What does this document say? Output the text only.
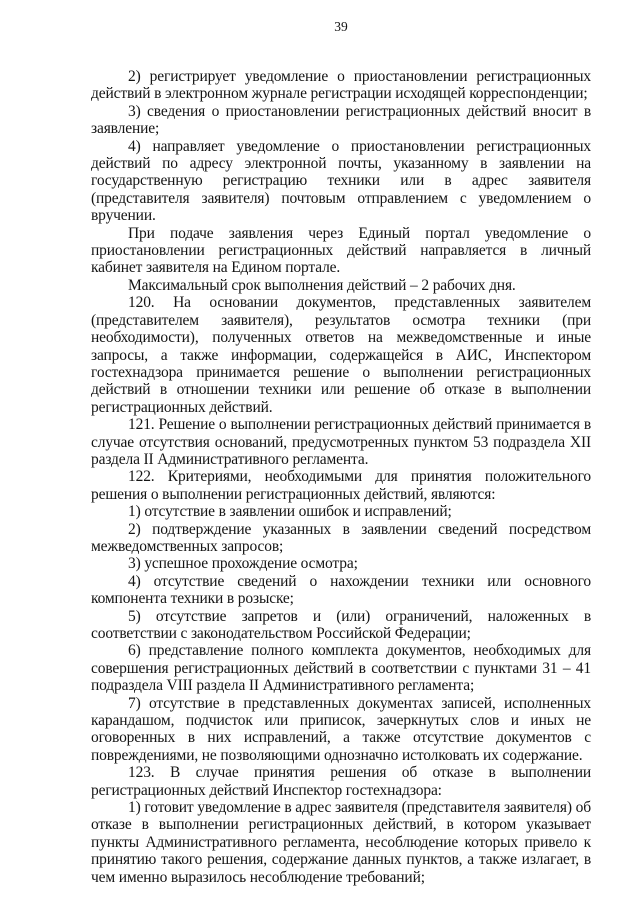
39

2) регистрирует уведомление о приостановлении регистрационных действий в электронном журнале регистрации исходящей корреспонденции;

3) сведения о приостановлении регистрационных действий вносит в заявление;

4) направляет уведомление о приостановлении регистрационных действий по адресу электронной почты, указанному в заявлении на государственную регистрацию техники или в адрес заявителя (представителя заявителя) почтовым отправлением с уведомлением о вручении.

При подаче заявления через Единый портал уведомление о приостановлении регистрационных действий направляется в личный кабинет заявителя на Едином портале.

Максимальный срок выполнения действий – 2 рабочих дня.

120. На основании документов, представленных заявителем (представителем заявителя), результатов осмотра техники (при необходимости), полученных ответов на межведомственные и иные запросы, а также информации, содержащейся в АИС, Инспектором гостехнадзора принимается решение о выполнении регистрационных действий в отношении техники или решение об отказе в выполнении регистрационных действий.

121. Решение о выполнении регистрационных действий принимается в случае отсутствия оснований, предусмотренных пунктом 53 подраздела XII раздела II Административного регламента.

122. Критериями, необходимыми для принятия положительного решения о выполнении регистрационных действий, являются:

1) отсутствие в заявлении ошибок и исправлений;

2) подтверждение указанных в заявлении сведений посредством межведомственных запросов;

3) успешное прохождение осмотра;

4) отсутствие сведений о нахождении техники или основного компонента техники в розыске;

5) отсутствие запретов и (или) ограничений, наложенных в соответствии с законодательством Российской Федерации;

6) представление полного комплекта документов, необходимых для совершения регистрационных действий в соответствии с пунктами 31 – 41 подраздела VIII раздела II Административного регламента;

7) отсутствие в представленных документах записей, исполненных карандашом, подчисток или приписок, зачеркнутых слов и иных не оговоренных в них исправлений, а также отсутствие документов с повреждениями, не позволяющими однозначно истолковать их содержание.

123. В случае принятия решения об отказе в выполнении регистрационных действий Инспектор гостехнадзора:

1) готовит уведомление в адрес заявителя (представителя заявителя) об отказе в выполнении регистрационных действий, в котором указывает пункты Административного регламента, несоблюдение которых привело к принятию такого решения, содержание данных пунктов, а также излагает, в чем именно выразилось несоблюдение требований;
